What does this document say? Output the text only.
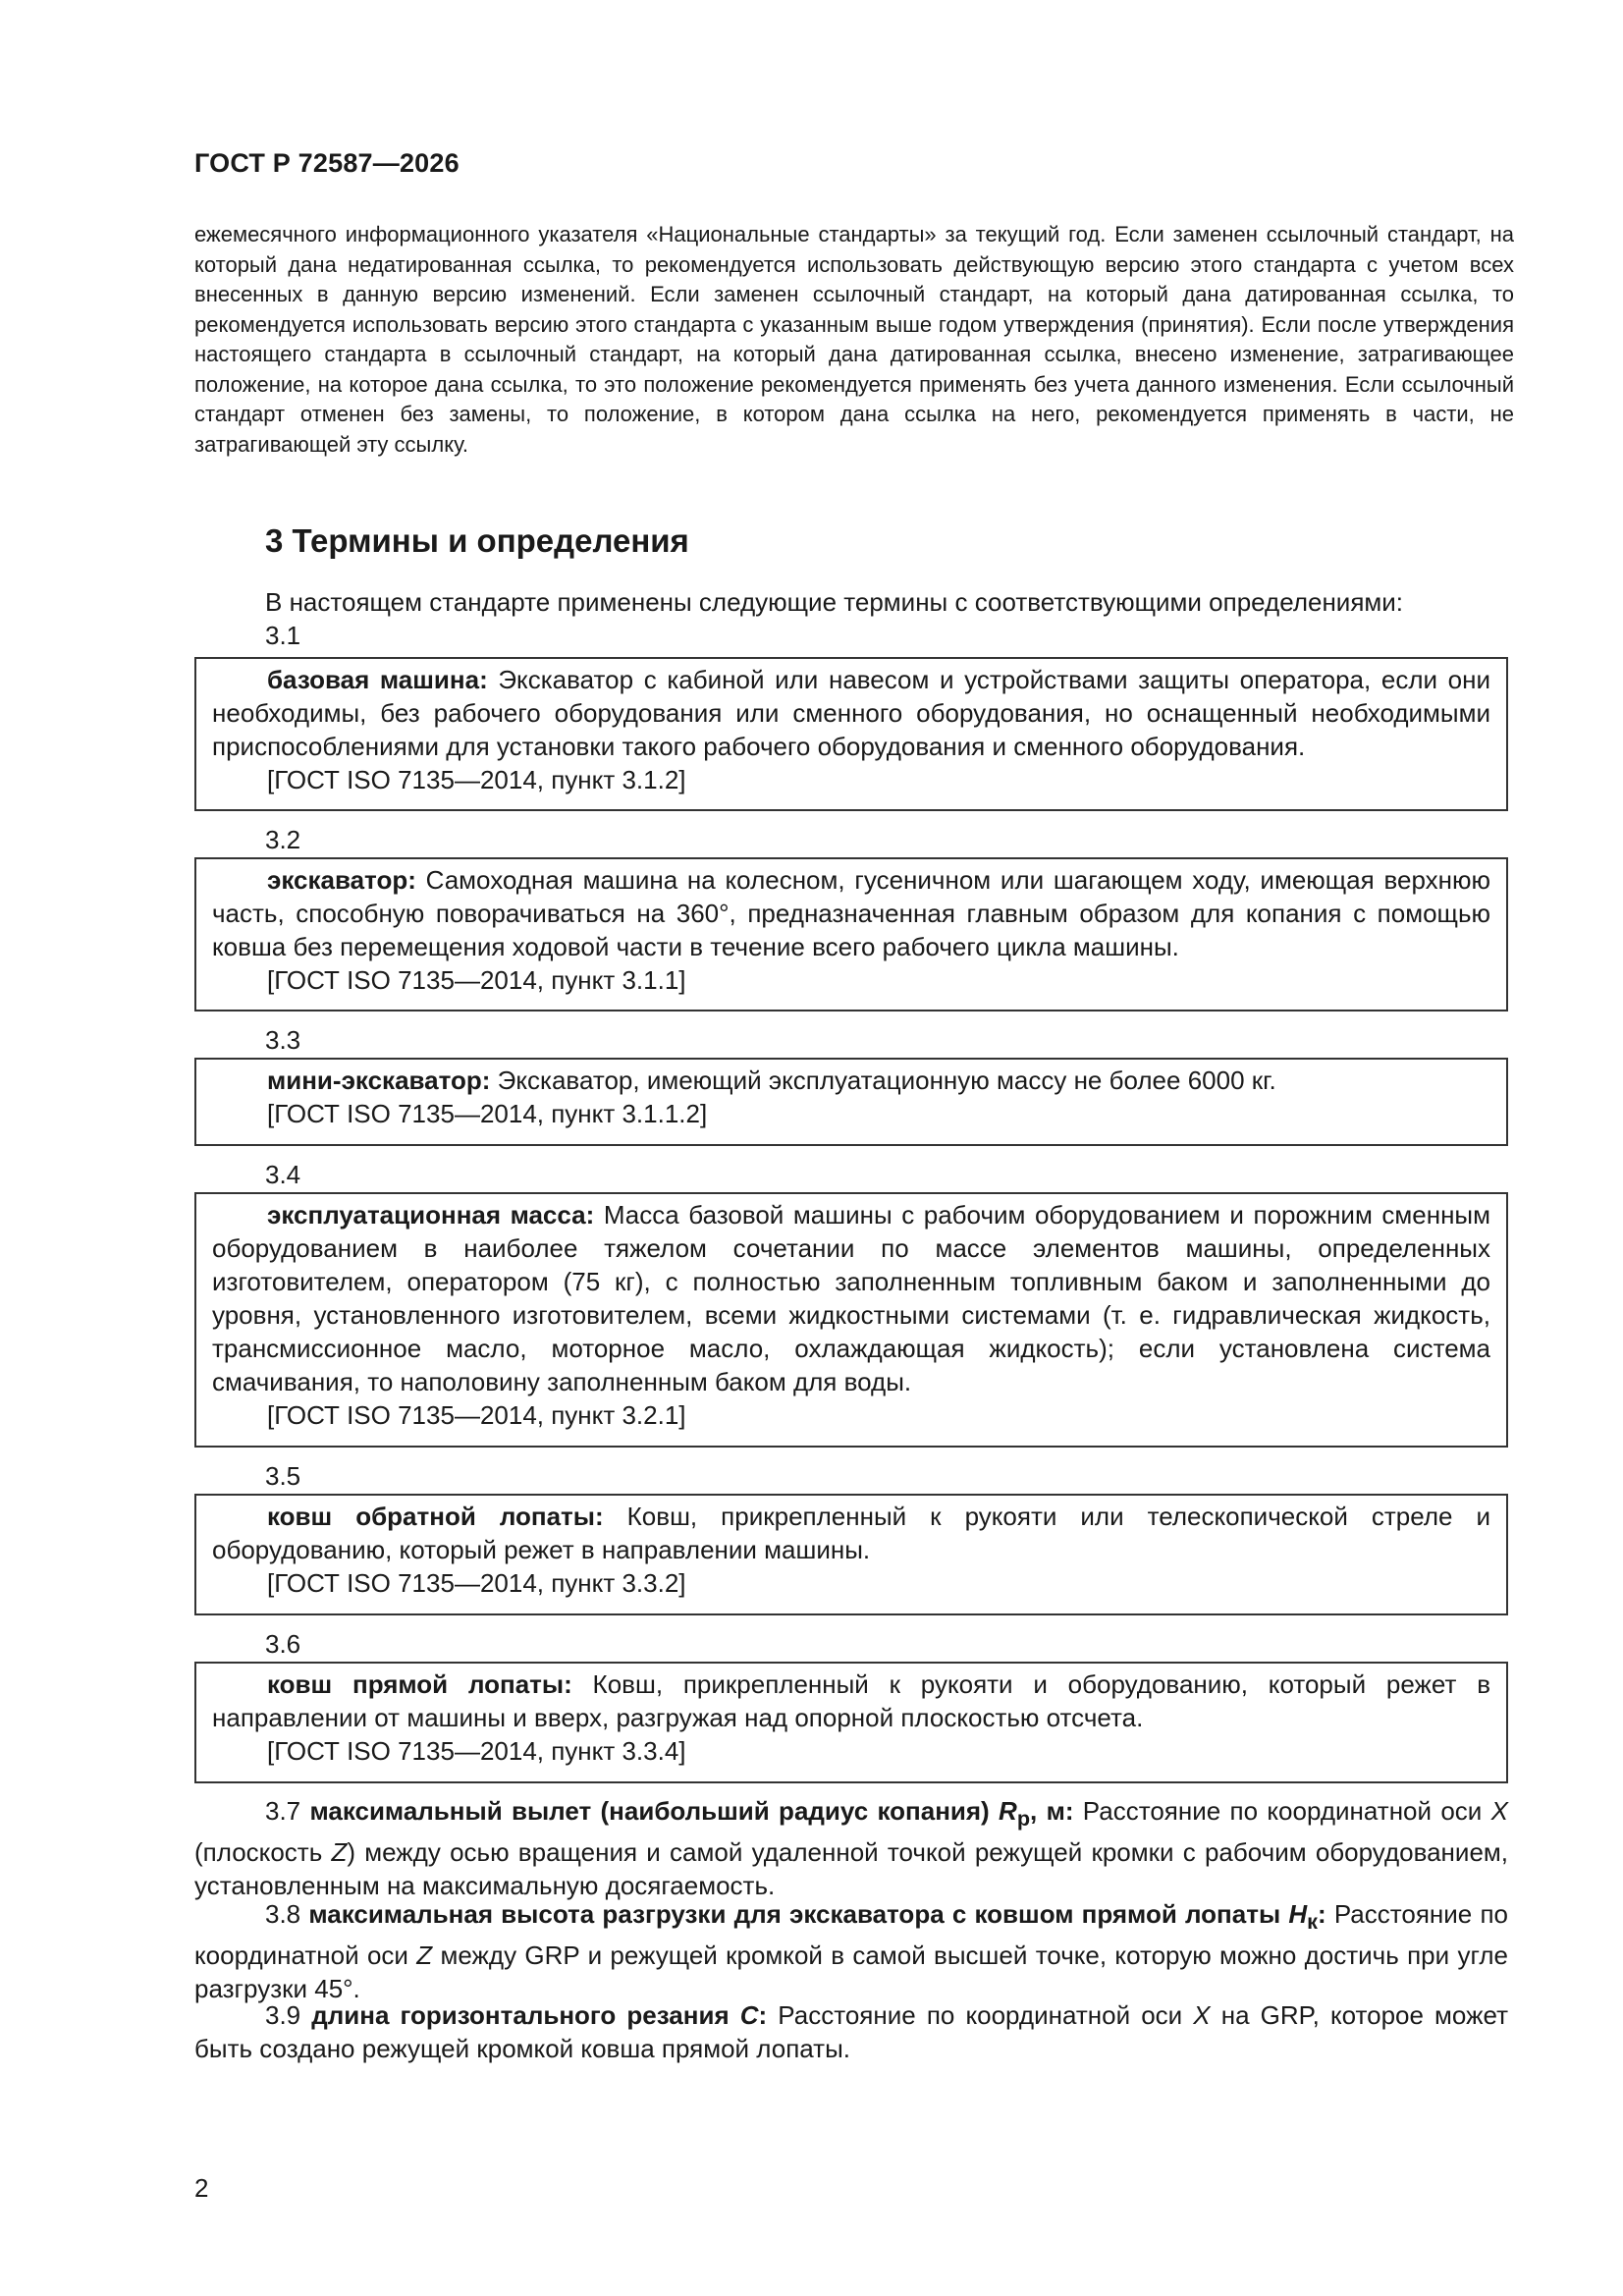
ГОСТ Р 72587—2026
ежемесячного информационного указателя «Национальные стандарты» за текущий год. Если заменен ссылочный стандарт, на который дана недатированная ссылка, то рекомендуется использовать действующую версию этого стандарта с учетом всех внесенных в данную версию изменений. Если заменен ссылочный стандарт, на который дана датированная ссылка, то рекомендуется использовать версию этого стандарта с указанным выше годом утверждения (принятия). Если после утверждения настоящего стандарта в ссылочный стандарт, на который дана датированная ссылка, внесено изменение, затрагивающее положение, на которое дана ссылка, то это положение рекомендуется применять без учета данного изменения. Если ссылочный стандарт отменен без замены, то положение, в котором дана ссылка на него, рекомендуется применять в части, не затрагивающей эту ссылку.
3 Термины и определения
В настоящем стандарте применены следующие термины с соответствующими определениями:
3.1

базовая машина: Экскаватор с кабиной или навесом и устройствами защиты оператора, если они необходимы, без рабочего оборудования или сменного оборудования, но оснащенный необходимыми приспособлениями для установки такого рабочего оборудования и сменного оборудования.

[ГОСТ ISO 7135—2014, пункт 3.1.2]

3.2

экскаватор: Самоходная машина на колесном, гусеничном или шагающем ходу, имеющая верхнюю часть, способную поворачиваться на 360°, предназначенная главным образом для копания с помощью ковша без перемещения ходовой части в течение всего рабочего цикла машины.

[ГОСТ ISO 7135—2014, пункт 3.1.1]

3.3

мини-экскаватор: Экскаватор, имеющий эксплуатационную массу не более 6000 кг.

[ГОСТ ISO 7135—2014, пункт 3.1.1.2]

3.4

эксплуатационная масса: Масса базовой машины с рабочим оборудованием и порожним сменным оборудованием в наиболее тяжелом сочетании по массе элементов машины, определенных изготовителем, оператором (75 кг), с полностью заполненным топливным баком и заполненными до уровня, установленного изготовителем, всеми жидкостными системами (т. е. гидравлическая жидкость, трансмиссионное масло, моторное масло, охлаждающая жидкость); если установлена система смачивания, то наполовину заполненным баком для воды.

[ГОСТ ISO 7135—2014, пункт 3.2.1]

3.5

ковш обратной лопаты: Ковш, прикрепленный к рукояти или телескопической стреле и оборудованию, который режет в направлении машины.

[ГОСТ ISO 7135—2014, пункт 3.3.2]

3.6

ковш прямой лопаты: Ковш, прикрепленный к рукояти и оборудованию, который режет в направлении от машины и вверх, разгружая над опорной плоскостью отсчета.

[ГОСТ ISO 7135—2014, пункт 3.3.4]

3.7 максимальный вылет (наибольший радиус копания) $R_p$, м: Расстояние по координатной оси X (плоскость Z) между осью вращения и самой удаленной точкой режущей кромки с рабочим оборудованием, установленным на максимальную досягаемость.

3.8 максимальная высота разгрузки для экскаватора с ковшом прямой лопаты $H_к$: Расстояние по координатной оси Z между GRP и режущей кромкой в самой высшей точке, которую можно достичь при угле разгрузки 45°.

3.9 длина горизонтального резания C: Расстояние по координатной оси X на GRP, которое может быть создано режущей кромкой ковша прямой лопаты.

2
